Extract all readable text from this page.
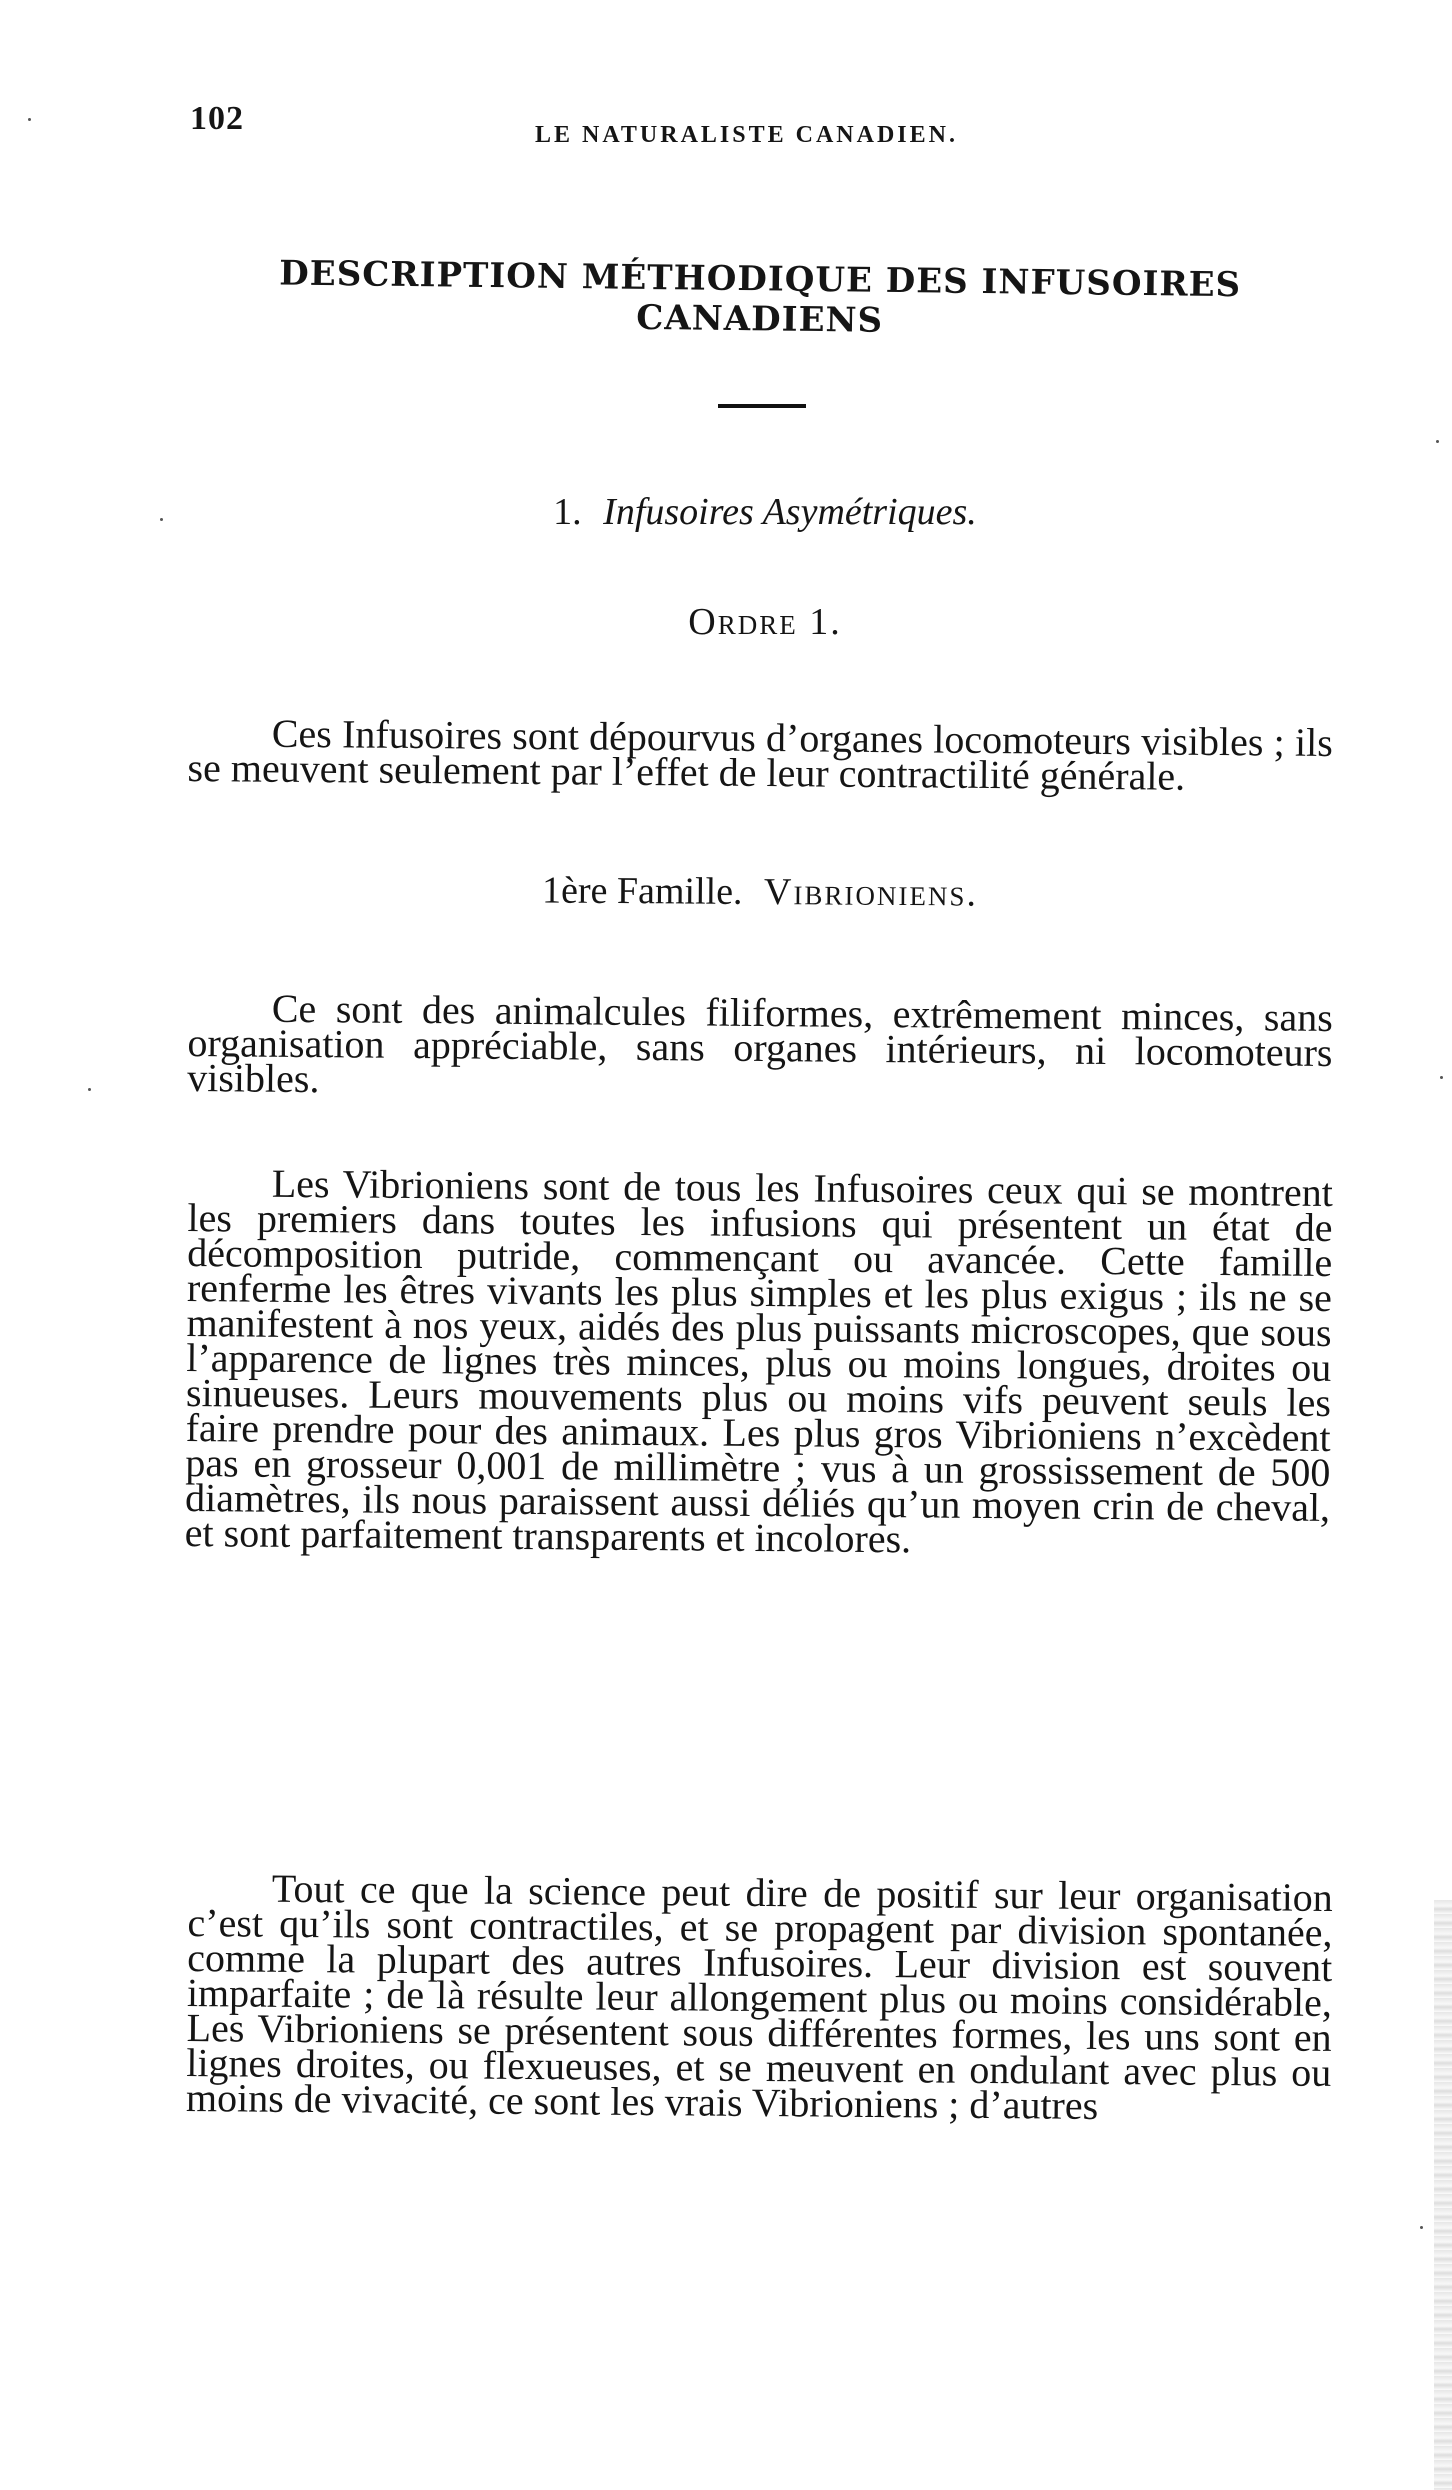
102	LE NATURALISTE CANADIEN.
DESCRIPTION MÉTHODIQUE DES INFUSOIRES CANADIENS
1. Infusoires Asymétriques.
Ordre 1.

Ces Infusoires sont dépourvus d’organes locomoteurs visibles ; ils se meuvent seulement par l’effet de leur contractilité générale.

1ère Famille. Vibrioniens.

Ce sont des animalcules filiformes, extrêmement minces, sans organisation appréciable, sans organes intérieurs, ni locomoteurs visibles.

Les Vibrioniens sont de tous les Infusoires ceux qui se montrent les premiers dans toutes les infusions qui présentent un état de décomposition putride, commençant ou avancée. Cette famille renferme les êtres vivants les plus simples et les plus exigus ; ils ne se manifestent à nos yeux, aidés des plus puissants microscopes, que sous l’apparence de lignes très minces, plus ou moins longues, droites ou sinueuses. Leurs mouvements plus ou moins vifs peuvent seuls les faire prendre pour des animaux. Les plus gros Vibrioniens n’excèdent pas en grosseur 0,001 de millimètre ; vus à un grossissement de 500 diamètres, ils nous paraissent aussi déliés qu’un moyen crin de cheval, et sont parfaitement transparents et incolores.

Tout ce que la science peut dire de positif sur leur organisation c’est qu’ils sont contractiles, et se propagent par division spontanée, comme la plupart des autres Infusoires. Leur division est souvent imparfaite ; de là résulte leur allongement plus ou moins considérable, Les Vibrioniens se présentent sous différentes formes, les uns sont en lignes droites, ou flexueuses, et se meuvent en ondulant avec plus ou moins de vivacité, ce sont les vrais Vibrioniens ; d’autres
